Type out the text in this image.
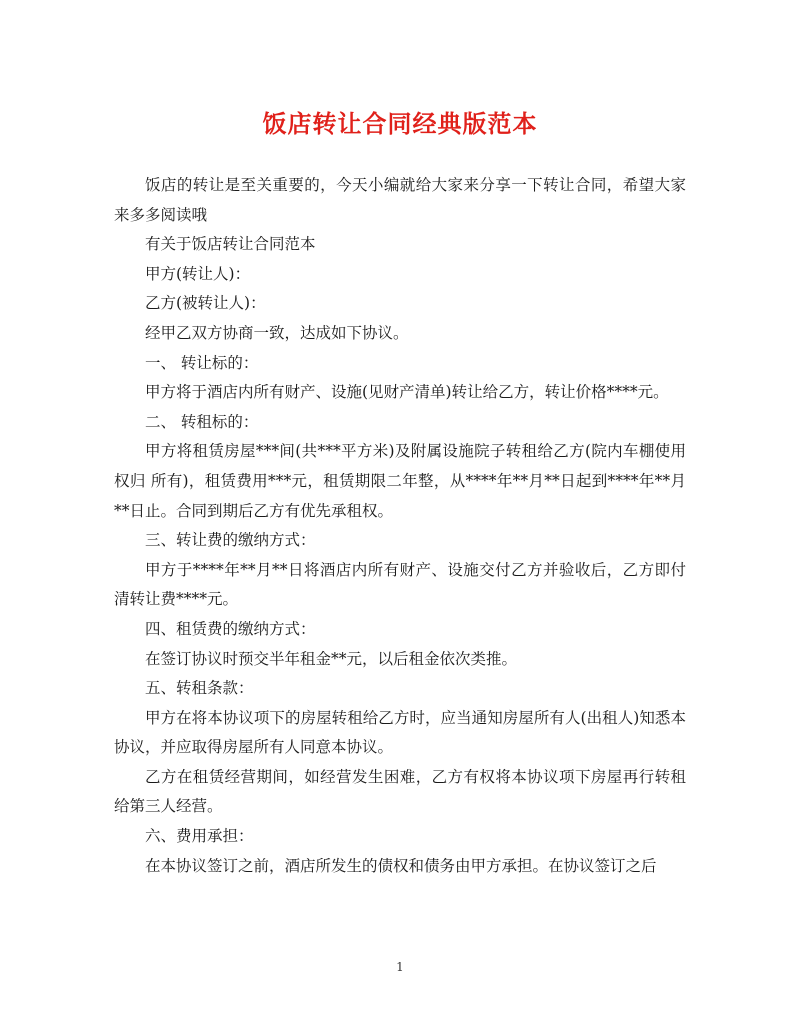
饭店转让合同经典版范本

饭店的转让是至关重要的，今天小编就给大家来分享一下转让合同，希望大家来多多阅读哦

有关于饭店转让合同范本

甲方(转让人)：

乙方(被转让人)：

经甲乙双方协商一致，达成如下协议。

一、 转让标的：

甲方将于酒店内所有财产、设施(见财产清单)转让给乙方，转让价格****元。

二、 转租标的：

甲方将租赁房屋***间(共***平方米)及附属设施院子转租给乙方(院内车棚使用权归 所有)，租赁费用***元，租赁期限二年整，从****年**月**日起到****年**月**日止。合同到期后乙方有优先承租权。

三、转让费的缴纳方式：

甲方于****年**月**日将酒店内所有财产、设施交付乙方并验收后，乙方即付清转让费****元。

四、租赁费的缴纳方式：

在签订协议时预交半年租金**元，以后租金依次类推。

五、转租条款：

甲方在将本协议项下的房屋转租给乙方时，应当通知房屋所有人(出租人)知悉本协议，并应取得房屋所有人同意本协议。

乙方在租赁经营期间，如经营发生困难，乙方有权将本协议项下房屋再行转租给第三人经营。

六、费用承担：

在本协议签订之前，酒店所发生的债权和债务由甲方承担。在协议签订之后

1
